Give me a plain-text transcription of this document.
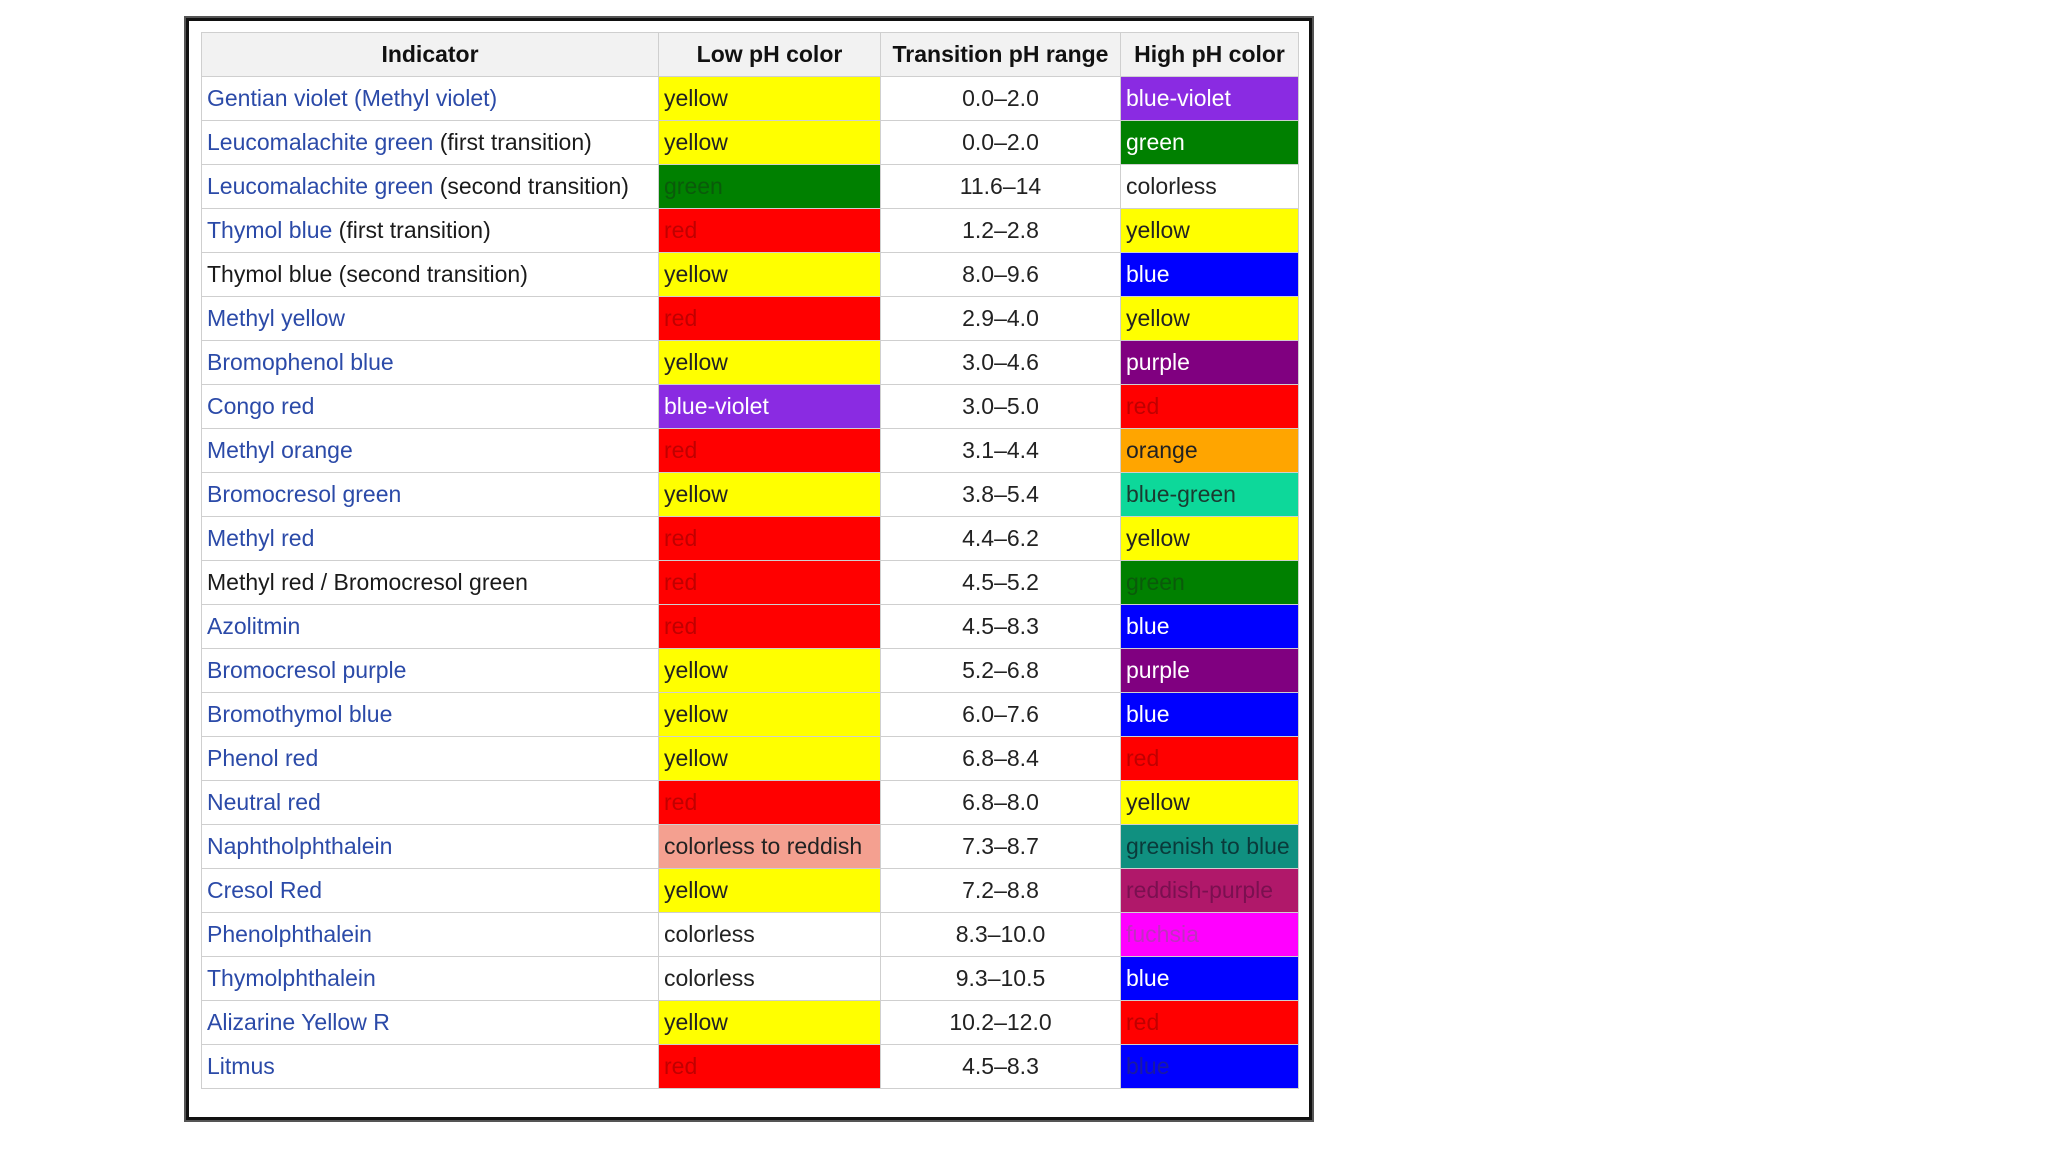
Indicator	Low pH color	Transition pH range	High pH color
Gentian violet (Methyl violet)	yellow	0.0–2.0	blue-violet
Leucomalachite green (first transition)	yellow	0.0–2.0	green
Leucomalachite green (second transition)	green	11.6–14	colorless
Thymol blue (first transition)	red	1.2–2.8	yellow
Thymol blue (second transition)	yellow	8.0–9.6	blue
Methyl yellow	red	2.9–4.0	yellow
Bromophenol blue	yellow	3.0–4.6	purple
Congo red	blue-violet	3.0–5.0	red
Methyl orange	red	3.1–4.4	orange
Bromocresol green	yellow	3.8–5.4	blue-green
Methyl red	red	4.4–6.2	yellow
Methyl red / Bromocresol green	red	4.5–5.2	green
Azolitmin	red	4.5–8.3	blue
Bromocresol purple	yellow	5.2–6.8	purple
Bromothymol blue	yellow	6.0–7.6	blue
Phenol red	yellow	6.8–8.4	red
Neutral red	red	6.8–8.0	yellow
Naphtholphthalein	colorless to reddish	7.3–8.7	greenish to blue
Cresol Red	yellow	7.2–8.8	reddish-purple
Phenolphthalein	colorless	8.3–10.0	fuchsia
Thymolphthalein	colorless	9.3–10.5	blue
Alizarine Yellow R	yellow	10.2–12.0	red
Litmus	red	4.5–8.3	blue
